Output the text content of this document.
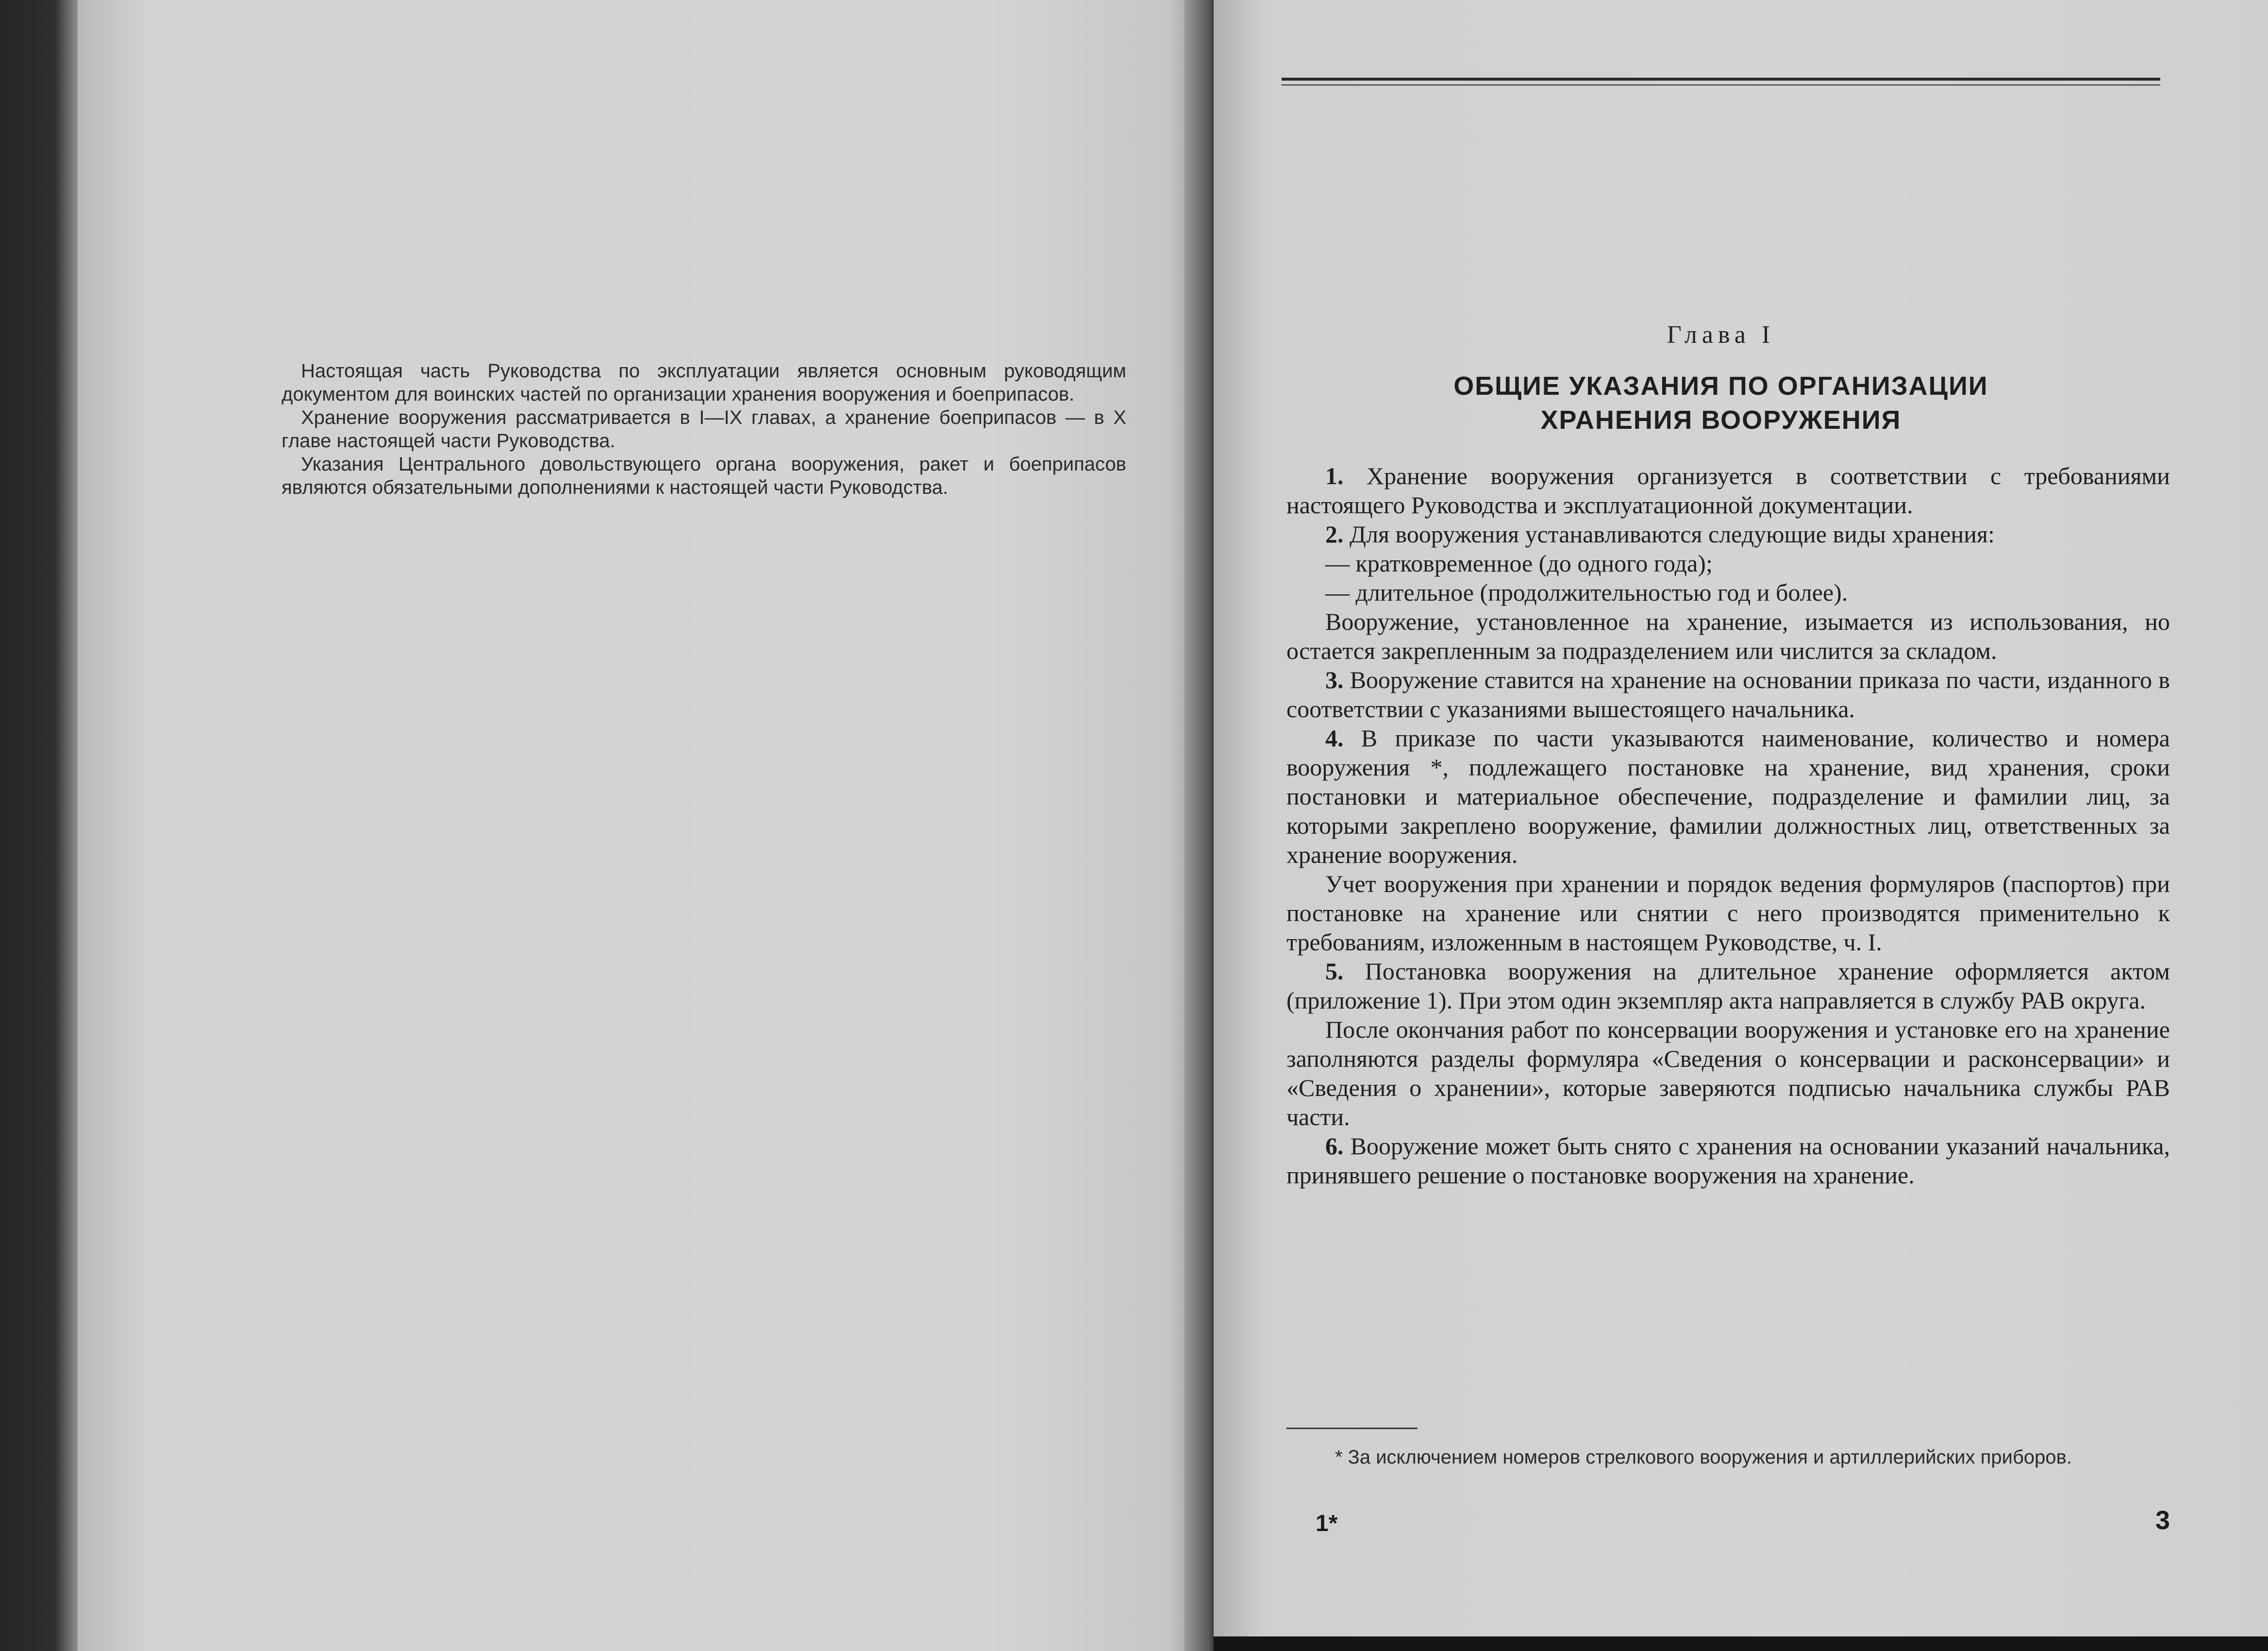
Настоящая часть Руководства по эксплуатации является основным руководящим документом для воинских частей по организации хранения вооружения и боеприпасов.

Хранение вооружения рассматривается в I—IX главах, а хранение боеприпасов — в X главе настоящей части Руководства.

Указания Центрального довольствующего органа вооружения, ракет и боеприпасов являются обязательными дополнениями к настоящей части Руководства.

Глава I
ОБЩИЕ УКАЗАНИЯ ПО ОРГАНИЗАЦИИ
ХРАНЕНИЯ ВООРУЖЕНИЯ

1. Хранение вооружения организуется в соответствии с требованиями настоящего Руководства и эксплуатационной документации.

2. Для вооружения устанавливаются следующие виды хранения:

— кратковременное (до одного года);

— длительное (продолжительностью год и более).

Вооружение, установленное на хранение, изымается из использования, но остается закрепленным за подразделением или числится за складом.

3. Вооружение ставится на хранение на основании приказа по части, изданного в соответствии с указаниями вышестоящего начальника.

4. В приказе по части указываются наименование, количество и номера вооружения *, подлежащего постановке на хранение, вид хранения, сроки постановки и материальное обеспечение, подразделение и фамилии лиц, за которыми закреплено вооружение, фамилии должностных лиц, ответственных за хранение вооружения.

Учет вооружения при хранении и порядок ведения формуляров (паспортов) при постановке на хранение или снятии с него производятся применительно к требованиям, изложенным в настоящем Руководстве, ч. I.

5. Постановка вооружения на длительное хранение оформляется актом (приложение 1). При этом один экземпляр акта направляется в службу РАВ округа.

После окончания работ по консервации вооружения и установке его на хранение заполняются разделы формуляра «Сведения о консервации и расконсервации» и «Сведения о хранении», которые заверяются подписью начальника службы РАВ части.

6. Вооружение может быть снято с хранения на основании указаний начальника, принявшего решение о постановке вооружения на хранение.

* За исключением номеров стрелкового вооружения и артиллерийских приборов.
1*	3
